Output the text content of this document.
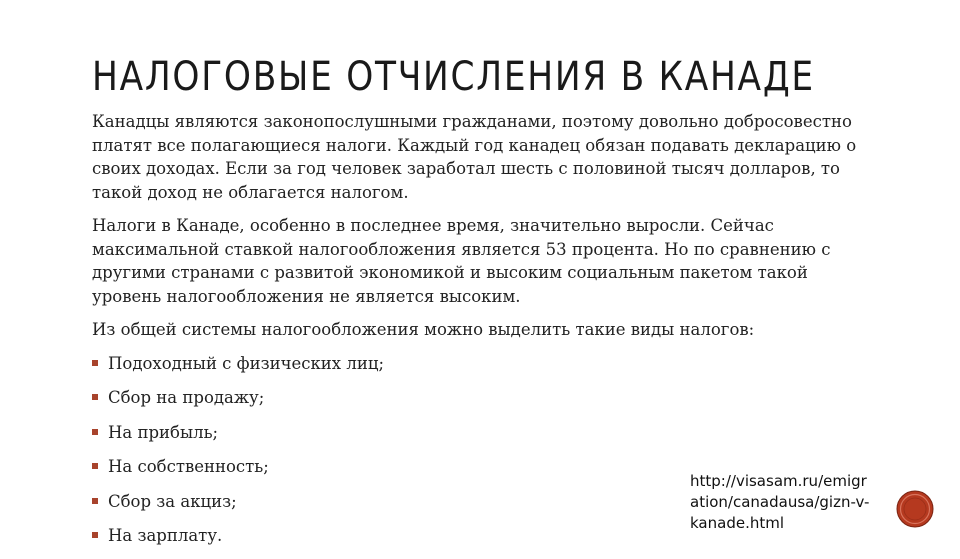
НАЛОГОВЫЕ ОТЧИСЛЕНИЯ В КАНАДЕ

Канадцы являются законопослушными гражданами, поэтому довольно добросовестно платят все полагающиеся налоги. Каждый год канадец обязан подавать декларацию о своих доходах. Если за год человек заработал шесть с половиной тысяч долларов, то такой доход не облагается налогом.

Налоги в Канаде, особенно в последнее время, значительно выросли. Сейчас максимальной ставкой налогообложения является 53 процента. Но по сравнению с другими странами с развитой экономикой и высоким социальным пакетом такой уровень налогообложения не является высоким.

Из общей системы налогообложения можно выделить такие виды налогов:

Подоходный с физических лиц;
Сбор на продажу;
На прибыль;
На собственность;
Сбор за акциз;
На зарплату.
http://visasam.ru/emigration/canadausa/gizn-v-kanade.html
